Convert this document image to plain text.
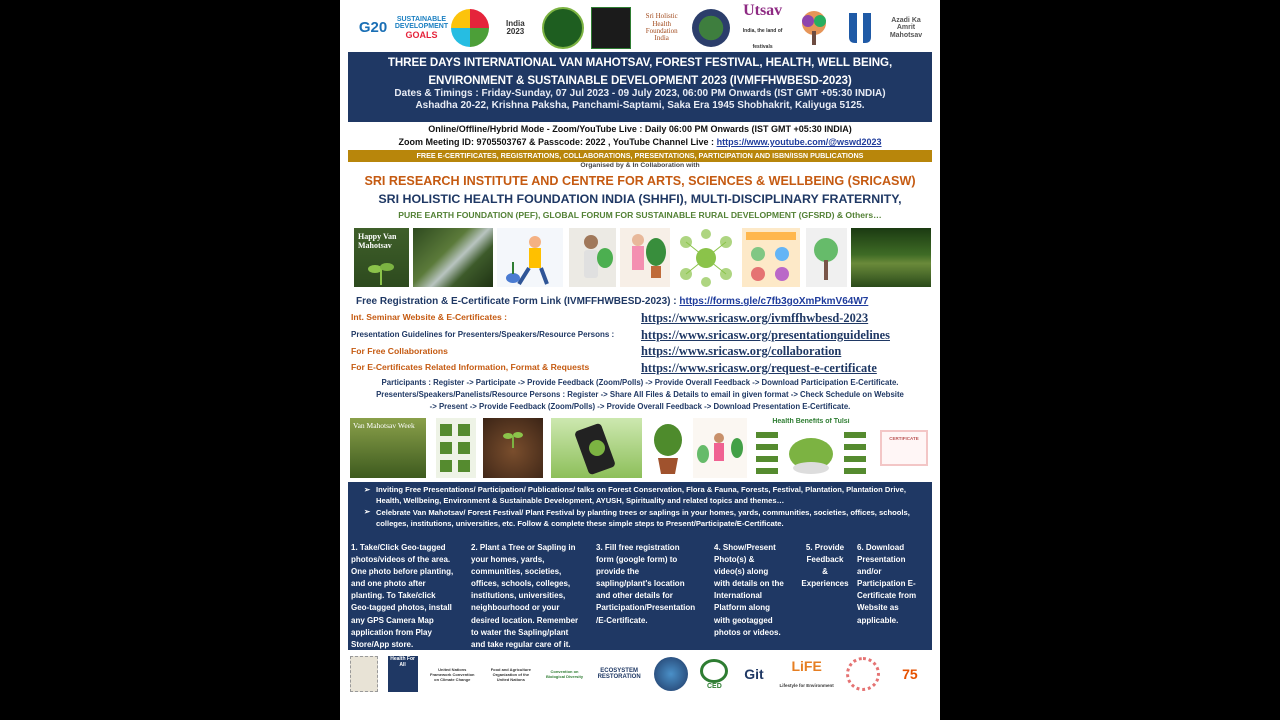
G20 SUSTAINABLE
DEVELOPMENT
GOALS
India 2023
Sri Holistic Health Foundation India
Utsav
India, the land of festivals
Azadi Ka Amrit Mahotsav
THREE DAYS INTERNATIONAL VAN MAHOTSAV, FOREST FESTIVAL, HEALTH, WELL BEING,
ENVIRONMENT & SUSTAINABLE DEVELOPMENT 2023 (IVMFFHWBESD-2023)
Dates & Timings : Friday-Sunday, 07 Jul 2023 - 09 July 2023, 06:00 PM Onwards (IST GMT +05:30 INDIA)
Ashadha 20-22, Krishna Paksha, Panchami-Saptami, Saka Era 1945 Shobhakrit, Kaliyuga 5125.
Online/Offline/Hybrid Mode - Zoom/YouTube Live : Daily 06:00 PM Onwards (IST GMT +05:30 INDIA)
Zoom Meeting ID: 9705503767 & Passcode: 2022 , YouTube Channel Live : https://www.youtube.com/@wswd2023
FREE E-CERTIFICATES, REGISTRATIONS, COLLABORATIONS, PRESENTATIONS, PARTICIPATION AND ISBN/ISSN PUBLICATIONS
Organised by & In Collaboration with
SRI RESEARCH INSTITUTE AND CENTRE FOR ARTS, SCIENCES & WELLBEING (SRICASW)
SRI HOLISTIC HEALTH FOUNDATION INDIA (SHHFI), MULTI-DISCIPLINARY FRATERNITY,
PURE EARTH FOUNDATION (PEF), GLOBAL FORUM FOR SUSTAINABLE RURAL DEVELOPMENT (GFSRD) & Others…
Happy Van Mahotsav
Free Registration & E-Certificate Form Link (IVMFFHWBESD-2023) : https://forms.gle/c7fb3goXmPkmV64W7
Int. Seminar Website & E-Certificates :
Presentation Guidelines for Presenters/Speakers/Resource Persons :
For Free Collaborations
For E-Certificates Related Information, Format & Requests
https://www.sricasw.org/ivmffhwbesd-2023
https://www.sricasw.org/presentationguidelines
https://www.sricasw.org/collaboration
https://www.sricasw.org/request-e-certificate
Participants : Register -> Participate -> Provide Feedback (Zoom/Polls) -> Provide Overall Feedback -> Download Participation E-Certificate.
Presenters/Speakers/Panelists/Resource Persons : Register -> Share All Files & Details to email in given format -> Check Schedule on Website
-> Present -> Provide Feedback (Zoom/Polls) -> Provide Overall Feedback -> Download Presentation E-Certificate.
Van Mahotsav Week	Health Benefits of Tulsi
CERTIFICATE
➢ Inviting Free Presentations/ Participation/ Publications/ talks on Forest Conservation, Flora & Fauna, Forests, Festival, Plantation, Plantation Drive, Health, Wellbeing, Environment & Sustainable Development, AYUSH, Spirituality and related topics and themes…
➢ Celebrate Van Mahotsav/ Forest Festival/ Plant Festival by planting trees or saplings in your homes, yards, communities, societies, offices, schools, colleges, institutions, universities, etc. Follow & complete these simple steps to Present/Participate/E-Certificate.
1. Take/Click Geo-tagged
photos/videos of the area.
One photo before planting,
and one photo after
planting. To Take/click
Geo-tagged photos, install
any GPS Camera Map
application from Play
Store/App store.
2. Plant a Tree or Sapling in
your homes, yards,
communities, societies,
offices, schools, colleges,
institutions, universities,
neighbourhood or your
desired location. Remember
to water the Sapling/plant
and take regular care of it.
3. Fill free registration
form (google form) to
provide the
sapling/plant's location
and other details for
Participation/Presentation
/E-Certificate.
4. Show/Present
Photo(s) &
video(s) along
with details on the
International
Platform along
with geotagged
photos or videos.
5. Provide
Feedback
&
Experiences
6. Download
Presentation
and/or
Participation E-
Certificate from
Website as
applicable.
Health For All
United Nations Framework Convention on Climate Change
Food and Agriculture Organization of the United Nations
Convention on Biological Diversity
ECOSYSTEM RESTORATION
CED
Git	LiFE
Lifestyle for Environment
75
